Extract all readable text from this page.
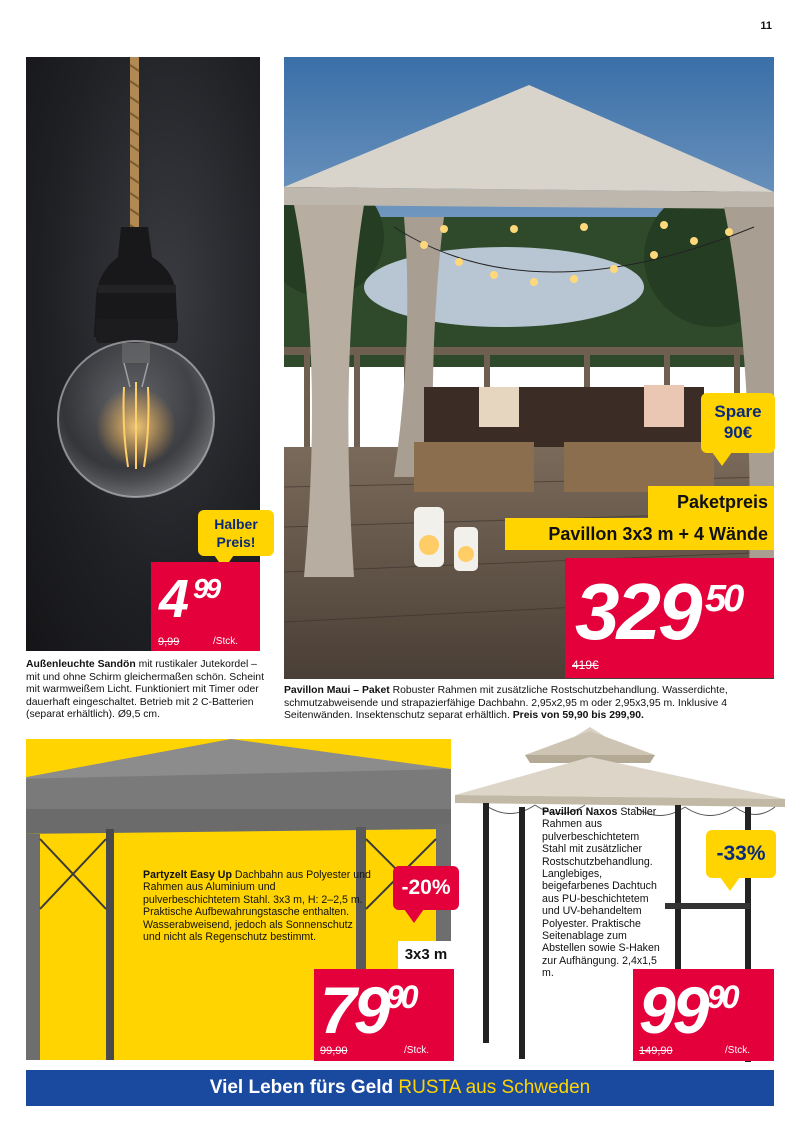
11
Halber
Preis!
4 99
9,99	/Stck.
Außenleuchte Sandön mit rustikaler Jutekordel – mit und ohne Schirm gleichermaßen schön. Scheint mit warmweißem Licht. Funktioniert mit Timer oder dauerhaft eingeschaltet. Betrieb mit 2 C-Batterien (separat erhältlich). Ø9,5 cm.
Spare
90€
Paketpreis
Pavillon 3x3 m + 4 Wände
329 50
419€
Pavillon Maui – Paket Robuster Rahmen mit zusätzliche Rostschutzbehandlung. Wasserdichte, schmutzabweisende und strapazierfähige Dachbahn. 2,95x2,95 m oder 2,95x3,95 m. Inklusive 4 Seitenwänden. Insektenschutz separat erhältlich. Preis von 59,90 bis 299,90.
Partyzelt Easy Up Dachbahn aus Polyester und Rahmen aus Aluminium und pulverbeschichtetem Stahl. 3x3 m, H: 2–2,5 m. Praktische Aufbewahrungstasche enthalten. Wasserabweisend, jedoch als Sonnenschutz und nicht als Regenschutz bestimmt.
-20%
3x3 m
79
90
99,90	/Stck.
Pavillon Naxos Stabiler Rahmen aus pulverbeschichtetem Stahl mit zusätzlicher Rostschutzbehandlung. Langlebiges, beigefarbenes Dachtuch aus PU-beschichtetem und UV-behandeltem Polyester. Praktische Seitenablage zum Abstellen sowie S-Haken zur Aufhängung. 2,4x1,5 m.
-33%
99 90
149,90	/Stck.
Viel Leben fürs Geld RUSTA aus Schweden
